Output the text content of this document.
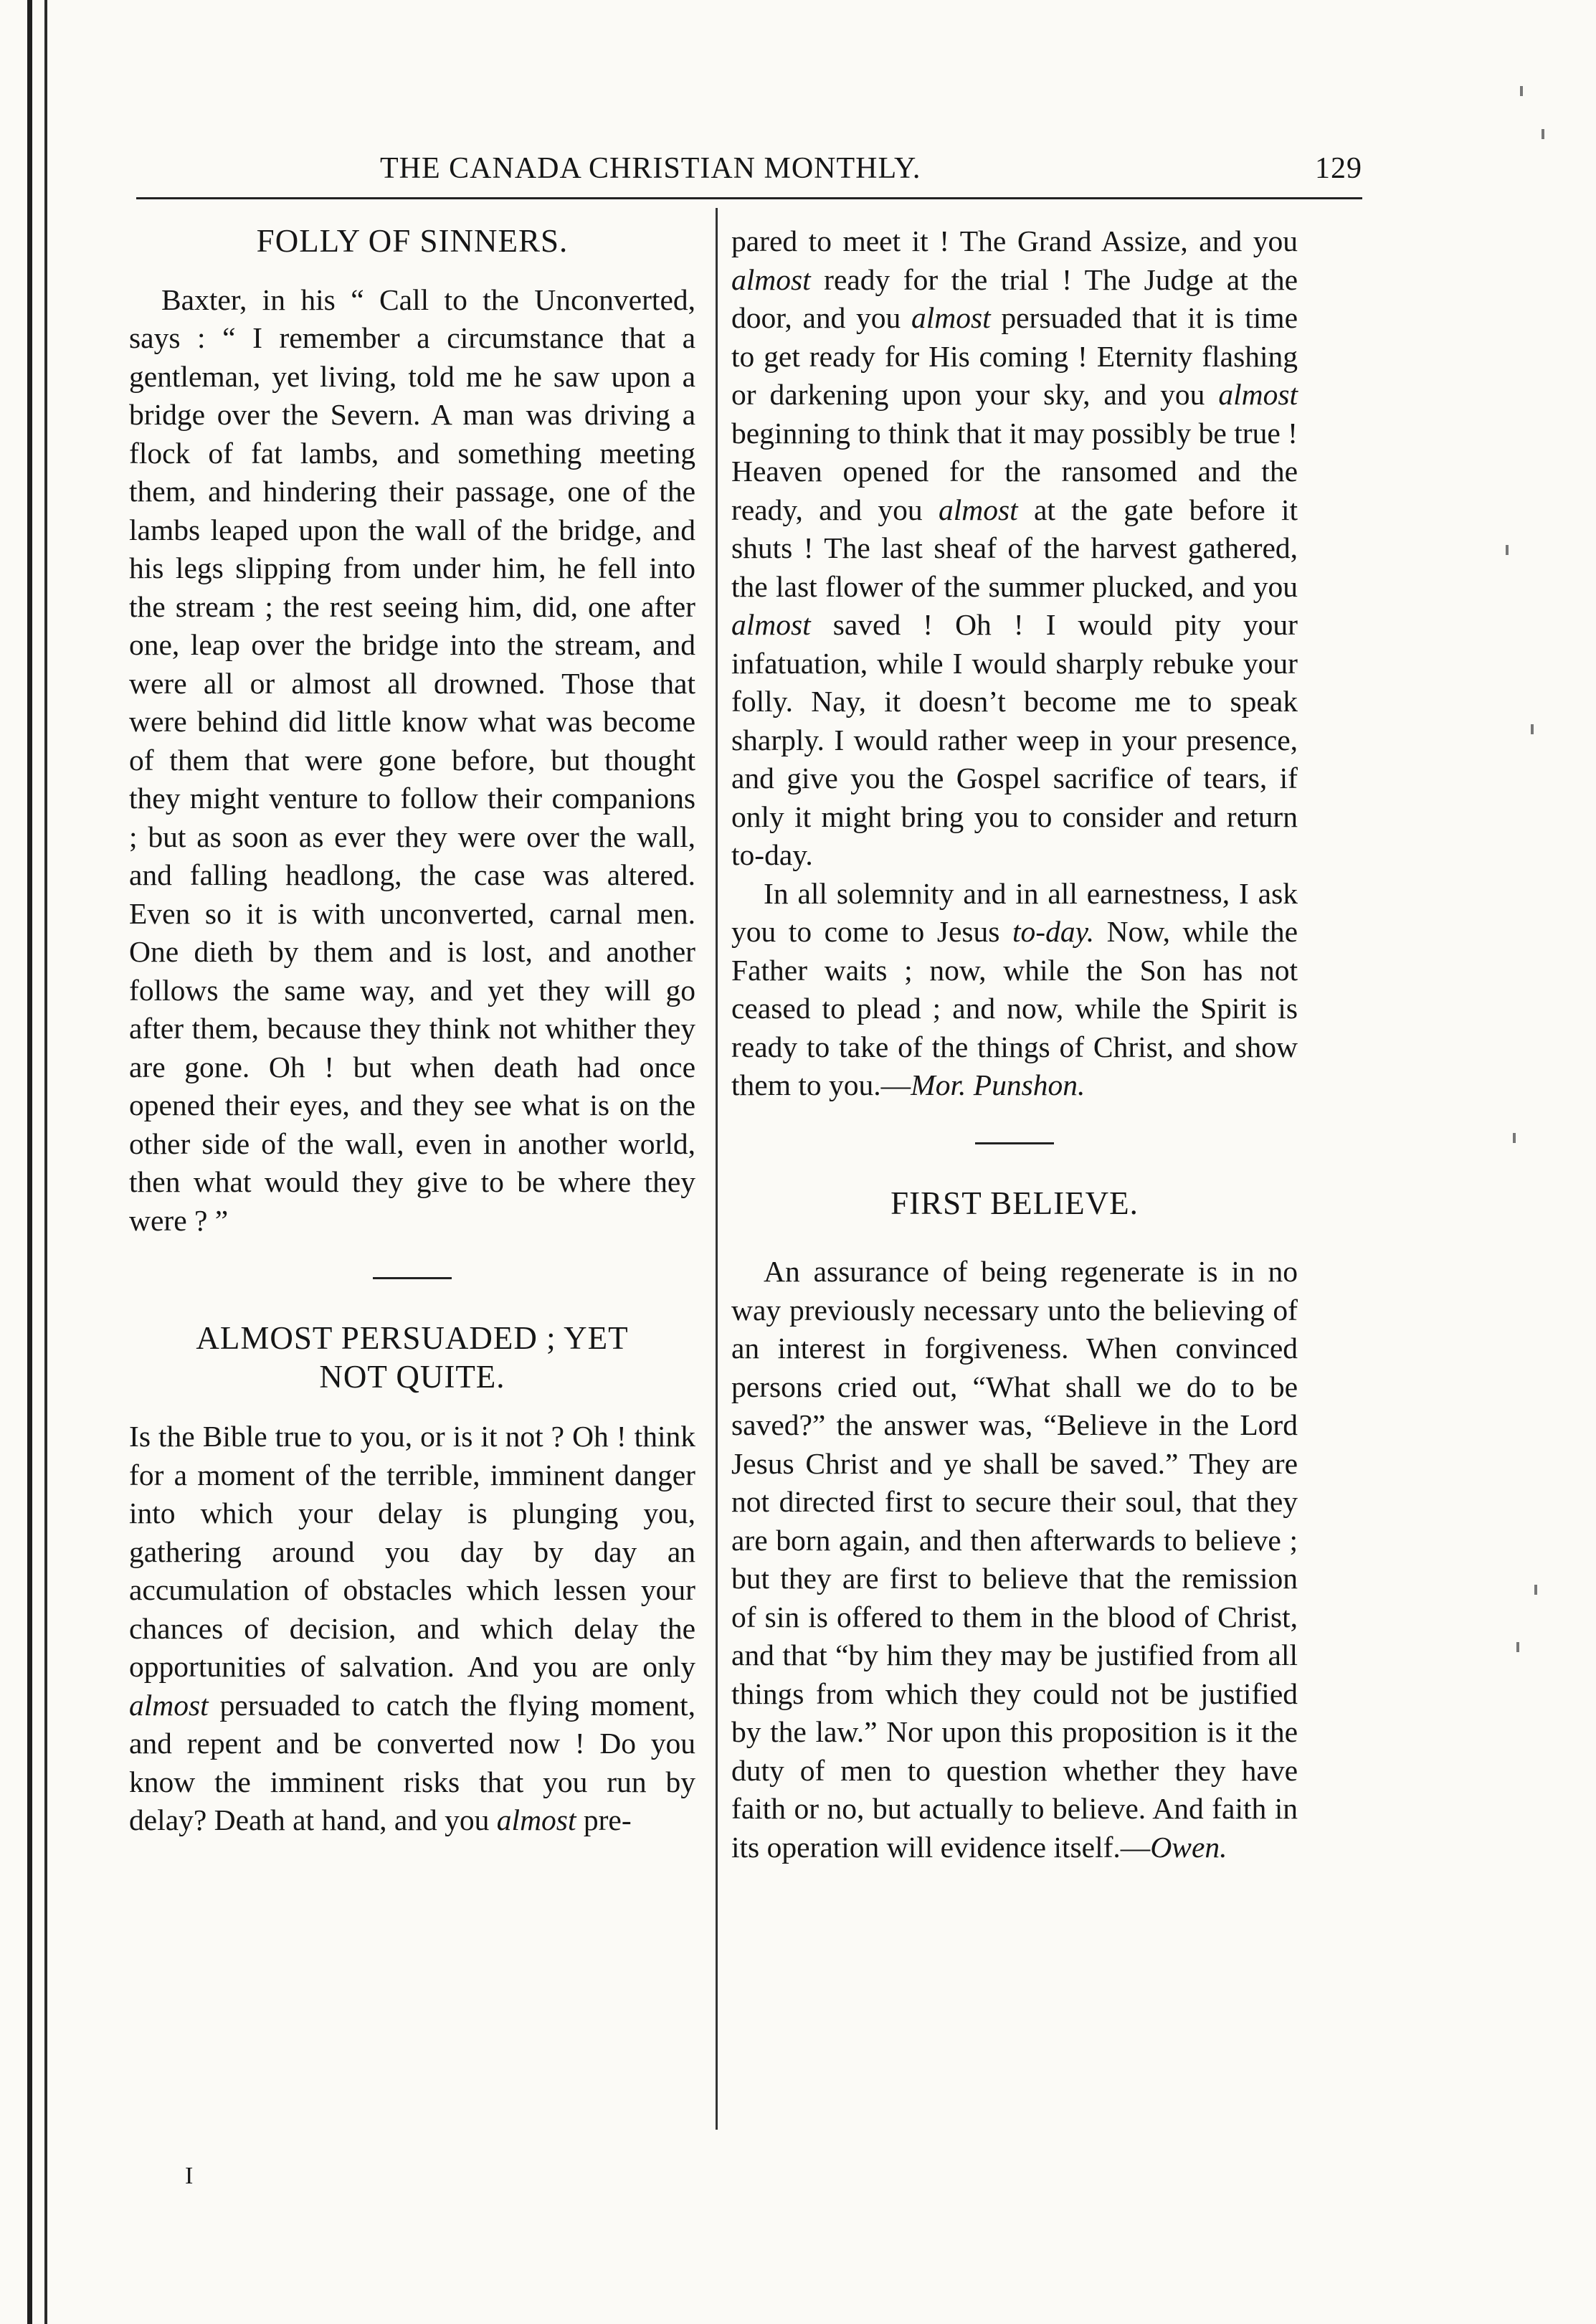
THE CANADA CHRISTIAN MONTHLY.	129
FOLLY OF SINNERS.

Baxter, in his “ Call to the Unconverted, says : “ I remember a circumstance that a gentleman, yet living, told me he saw upon a bridge over the Severn. A man was driving a flock of fat lambs, and something meeting them, and hindering their passage, one of the lambs leaped upon the wall of the bridge, and his legs slipping from under him, he fell into the stream ; the rest seeing him, did, one after one, leap over the bridge into the stream, and were all or almost all drowned. Those that were behind did little know what was become of them that were gone before, but thought they might venture to follow their companions ; but as soon as ever they were over the wall, and falling headlong, the case was altered. Even so it is with unconverted, carnal men. One dieth by them and is lost, and another follows the same way, and yet they will go after them, because they think not whither they are gone. Oh ! but when death had once opened their eyes, and they see what is on the other side of the wall, even in another world, then what would they give to be where they were ? ”

ALMOST PERSUADED ; YET
NOT QUITE.

Is the Bible true to you, or is it not ? Oh ! think for a moment of the terrible, imminent danger into which your delay is plunging you, gathering around you day by day an accumulation of obstacles which lessen your chances of decision, and which delay the opportunities of salvation. And you are only almost persuaded to catch the flying moment, and repent and be converted now ! Do you know the imminent risks that you run by delay? Death at hand, and you almost pre-

I

pared to meet it ! The Grand Assize, and you almost ready for the trial ! The Judge at the door, and you almost persuaded that it is time to get ready for His coming ! Eternity flashing or darkening upon your sky, and you almost beginning to think that it may possibly be true ! Heaven opened for the ransomed and the ready, and you almost at the gate before it shuts ! The last sheaf of the harvest gathered, the last flower of the summer plucked, and you almost saved ! Oh ! I would pity your infatuation, while I would sharply rebuke your folly. Nay, it doesn’t become me to speak sharply. I would rather weep in your presence, and give you the Gospel sacrifice of tears, if only it might bring you to consider and return to-day.

In all solemnity and in all earnestness, I ask you to come to Jesus to-day. Now, while the Father waits ; now, while the Son has not ceased to plead ; and now, while the Spirit is ready to take of the things of Christ, and show them to you.—Mor. Punshon.

FIRST BELIEVE.

An assurance of being regenerate is in no way previously necessary unto the believing of an interest in forgiveness. When convinced persons cried out, “What shall we do to be saved?” the answer was, “Believe in the Lord Jesus Christ and ye shall be saved.” They are not directed first to secure their soul, that they are born again, and then afterwards to believe ; but they are first to believe that the remission of sin is offered to them in the blood of Christ, and that “by him they may be justified from all things from which they could not be justified by the law.” Nor upon this proposition is it the duty of men to question whether they have faith or no, but actually to believe. And faith in its operation will evidence itself.—Owen.
